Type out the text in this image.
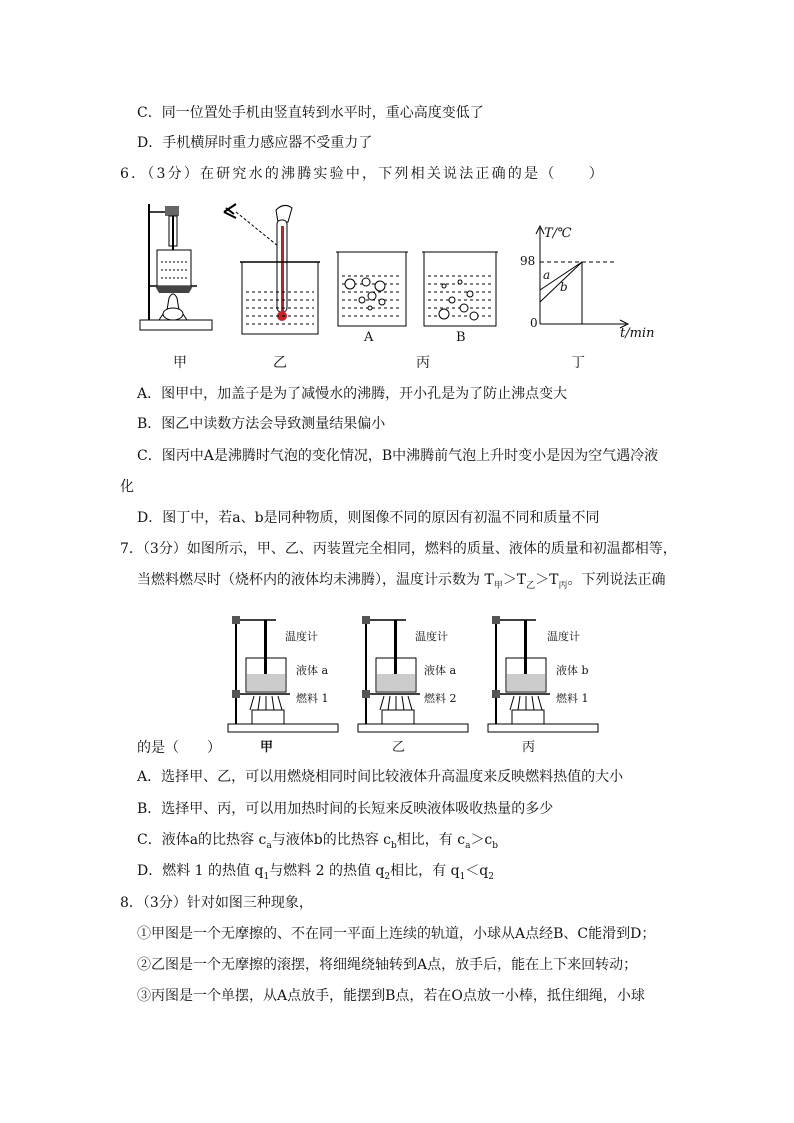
C．同一位置处手机由竖直转到水平时，重心高度变低了
D．手机横屏时重力感应器不受重力了
6．（3分）在研究水的沸腾实验中，下列相关说法正确的是（　　）
甲	乙
A	B
丙
T/℃
98
0
a
b
t/min
丁
A．图甲中，加盖子是为了减慢水的沸腾，开小孔是为了防止沸点变大
B．图乙中读数方法会导致测量结果偏小
C．图丙中A是沸腾时气泡的变化情况，B中沸腾前气泡上升时变小是因为空气遇冷液
化
D．图丁中，若a、b是同种物质，则图像不同的原因有初温不同和质量不同
7．（3分）如图所示，甲、乙、丙装置完全相同，燃料的质量、液体的质量和初温都相等，
当燃料燃尽时（烧杯内的液体均未沸腾），温度计示数为 $T_甲>T_乙>T_丙$。下列说法正确
温度计
液体 a
燃料 1
甲
温度计
液体 a
燃料 2
乙
温度计
液体 b
燃料 1
丙
的是（　　）
A．选择甲、乙，可以用燃烧相同时间比较液体升高温度来反映燃料热值的大小
B．选择甲、丙，可以用加热时间的长短来反映液体吸收热量的多少
C．液体a的比热容 $c_a$与液体b的比热容 $c_b$相比，有 $c_a>c_b$
D．燃料 1 的热值 $q_1$与燃料 2 的热值 $q_2$相比，有 $q_1<q_2$
8．（3分）针对如图三种现象，
①甲图是一个无摩擦的、不在同一平面上连续的轨道，小球从A点经B、C能滑到D；
②乙图是一个无摩擦的滚摆，将细绳绕轴转到A点，放手后，能在上下来回转动；
③丙图是一个单摆，从A点放手，能摆到B点，若在O点放一小棒，抵住细绳，小球
